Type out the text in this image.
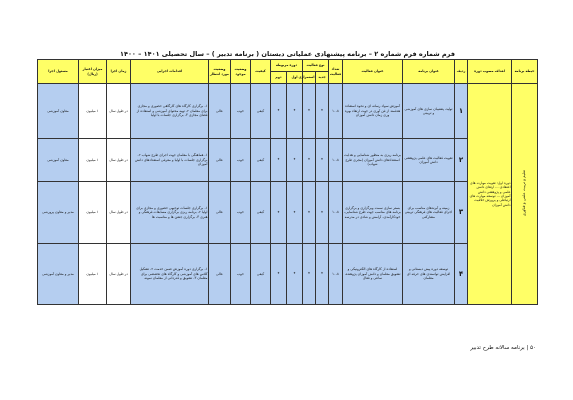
فرم شماره فرم شماره ۲ – برنامه پیشنهادی عملیاتی دبستان ( برنامه تدبیر ) – سال تحصیلی ۱۴۰۱ – ۱۴۰۰
حیطه برنامه	اهداف مصوب دوره	ردیف	عنوان برنامه	عنوان فعالیت	تعداد فعالیت	نوع فعالیت		دوره مربوطه		کیفیت	وضعیت موجود	وضعیت مورد انتظار	اقدامات اجرایی	زمان اجرا	میزان اعتبار (ریال)	مسئول اجرا
						جدید	استمراری	اول	دوم							
تعلیم و تربیت علمی و فناوری	دوره اول: تقویت مهارت های اعتقادی ... ارتقای دانش علمی و پژوهشی دانش آموزان ... توسعه مهارت های ارتباطی و پرورش خلاقیت دانش آموزان	۱	تولید، پشتیبان سازی های آموزشی و تربیتی	آموزش سواد رسانه ای و نحوه استفاده هدفمند از فن آوری در جهت ارتقاء بهره وری زمان دانش آموزان	۱۰-۸	٭	٭	٭	٭	کیفی	خوب	عالی	۱- برگزاری کارگاه های کارگاهی حضوری و مجازی برای معلمان ۲- تهیه محتوای آموزشی و استفاده از فضای مجازی ۳- برگزاری جلسات با اولیا	در طول سال	۱ میلیون	معاون آموزشی
		۲	تقویت فعالیت های علمی پژوهشی دانش آموزان	برنامه ریزی به منظور شناسایی و هدایت استعدادهای دانش آموزان (مجری طرح شهاب)	۱۰-۸	٭	٭	٭	٭	کیفی	خوب	عالی	۱- هماهنگی با معلمان جهت اجرای طرح شهاب ۲- برگزاری جلسات با اولیا و معرفی استعدادهای دانش آموزان	در طول سال	۱ میلیون	معاون آموزشی
		۳	زمینه و آبرندهای مناسب برای اجرای فعالیت های فرهنگی تربیتی مشارکتی	بستر سازی سمت وبرگزاری و برگزاری برنامه های مناسب جهت طرح شناسایی، خودکارآمدی، آرامش و شادی در مدرسه	۱۰-۸	٭	٭	٭	٭	کیفی	خوب	عالی	۱- برگزاری جلسات توجیهی حضوری و مجازی برای اولیا ۲- برنامه ریزی برگزاری مسابقات فرهنگی و هنری ۳- برگزاری جشن ها و مناسبت ها	در طول سال	۱ میلیون	مدیر و معاون پرورشی
		۴	توسعه دوره پیش دبستانی و افزایش توانمندی های حرفه ای معلمان	استفاده از کارگاه های الکترونیکی و تشویق معلمان و دانش آموزان پژوهنده، ساعی و فعال	۱۰-۸	٭	٭	٭	٭	کیفی	خوب	عالی	۱- برگزاری دوره آموزش ضمن خدمت ۲- تشکیل کلاس های آموزشی و کارگاه های تخصصی برای معلمان ۳- تشویق و قدردانی از معلمان نمونه	در طول سال	۱ میلیون	مدیر و معاون آموزشی
۵۰ | برنامه سالانه طرح تدبیر
